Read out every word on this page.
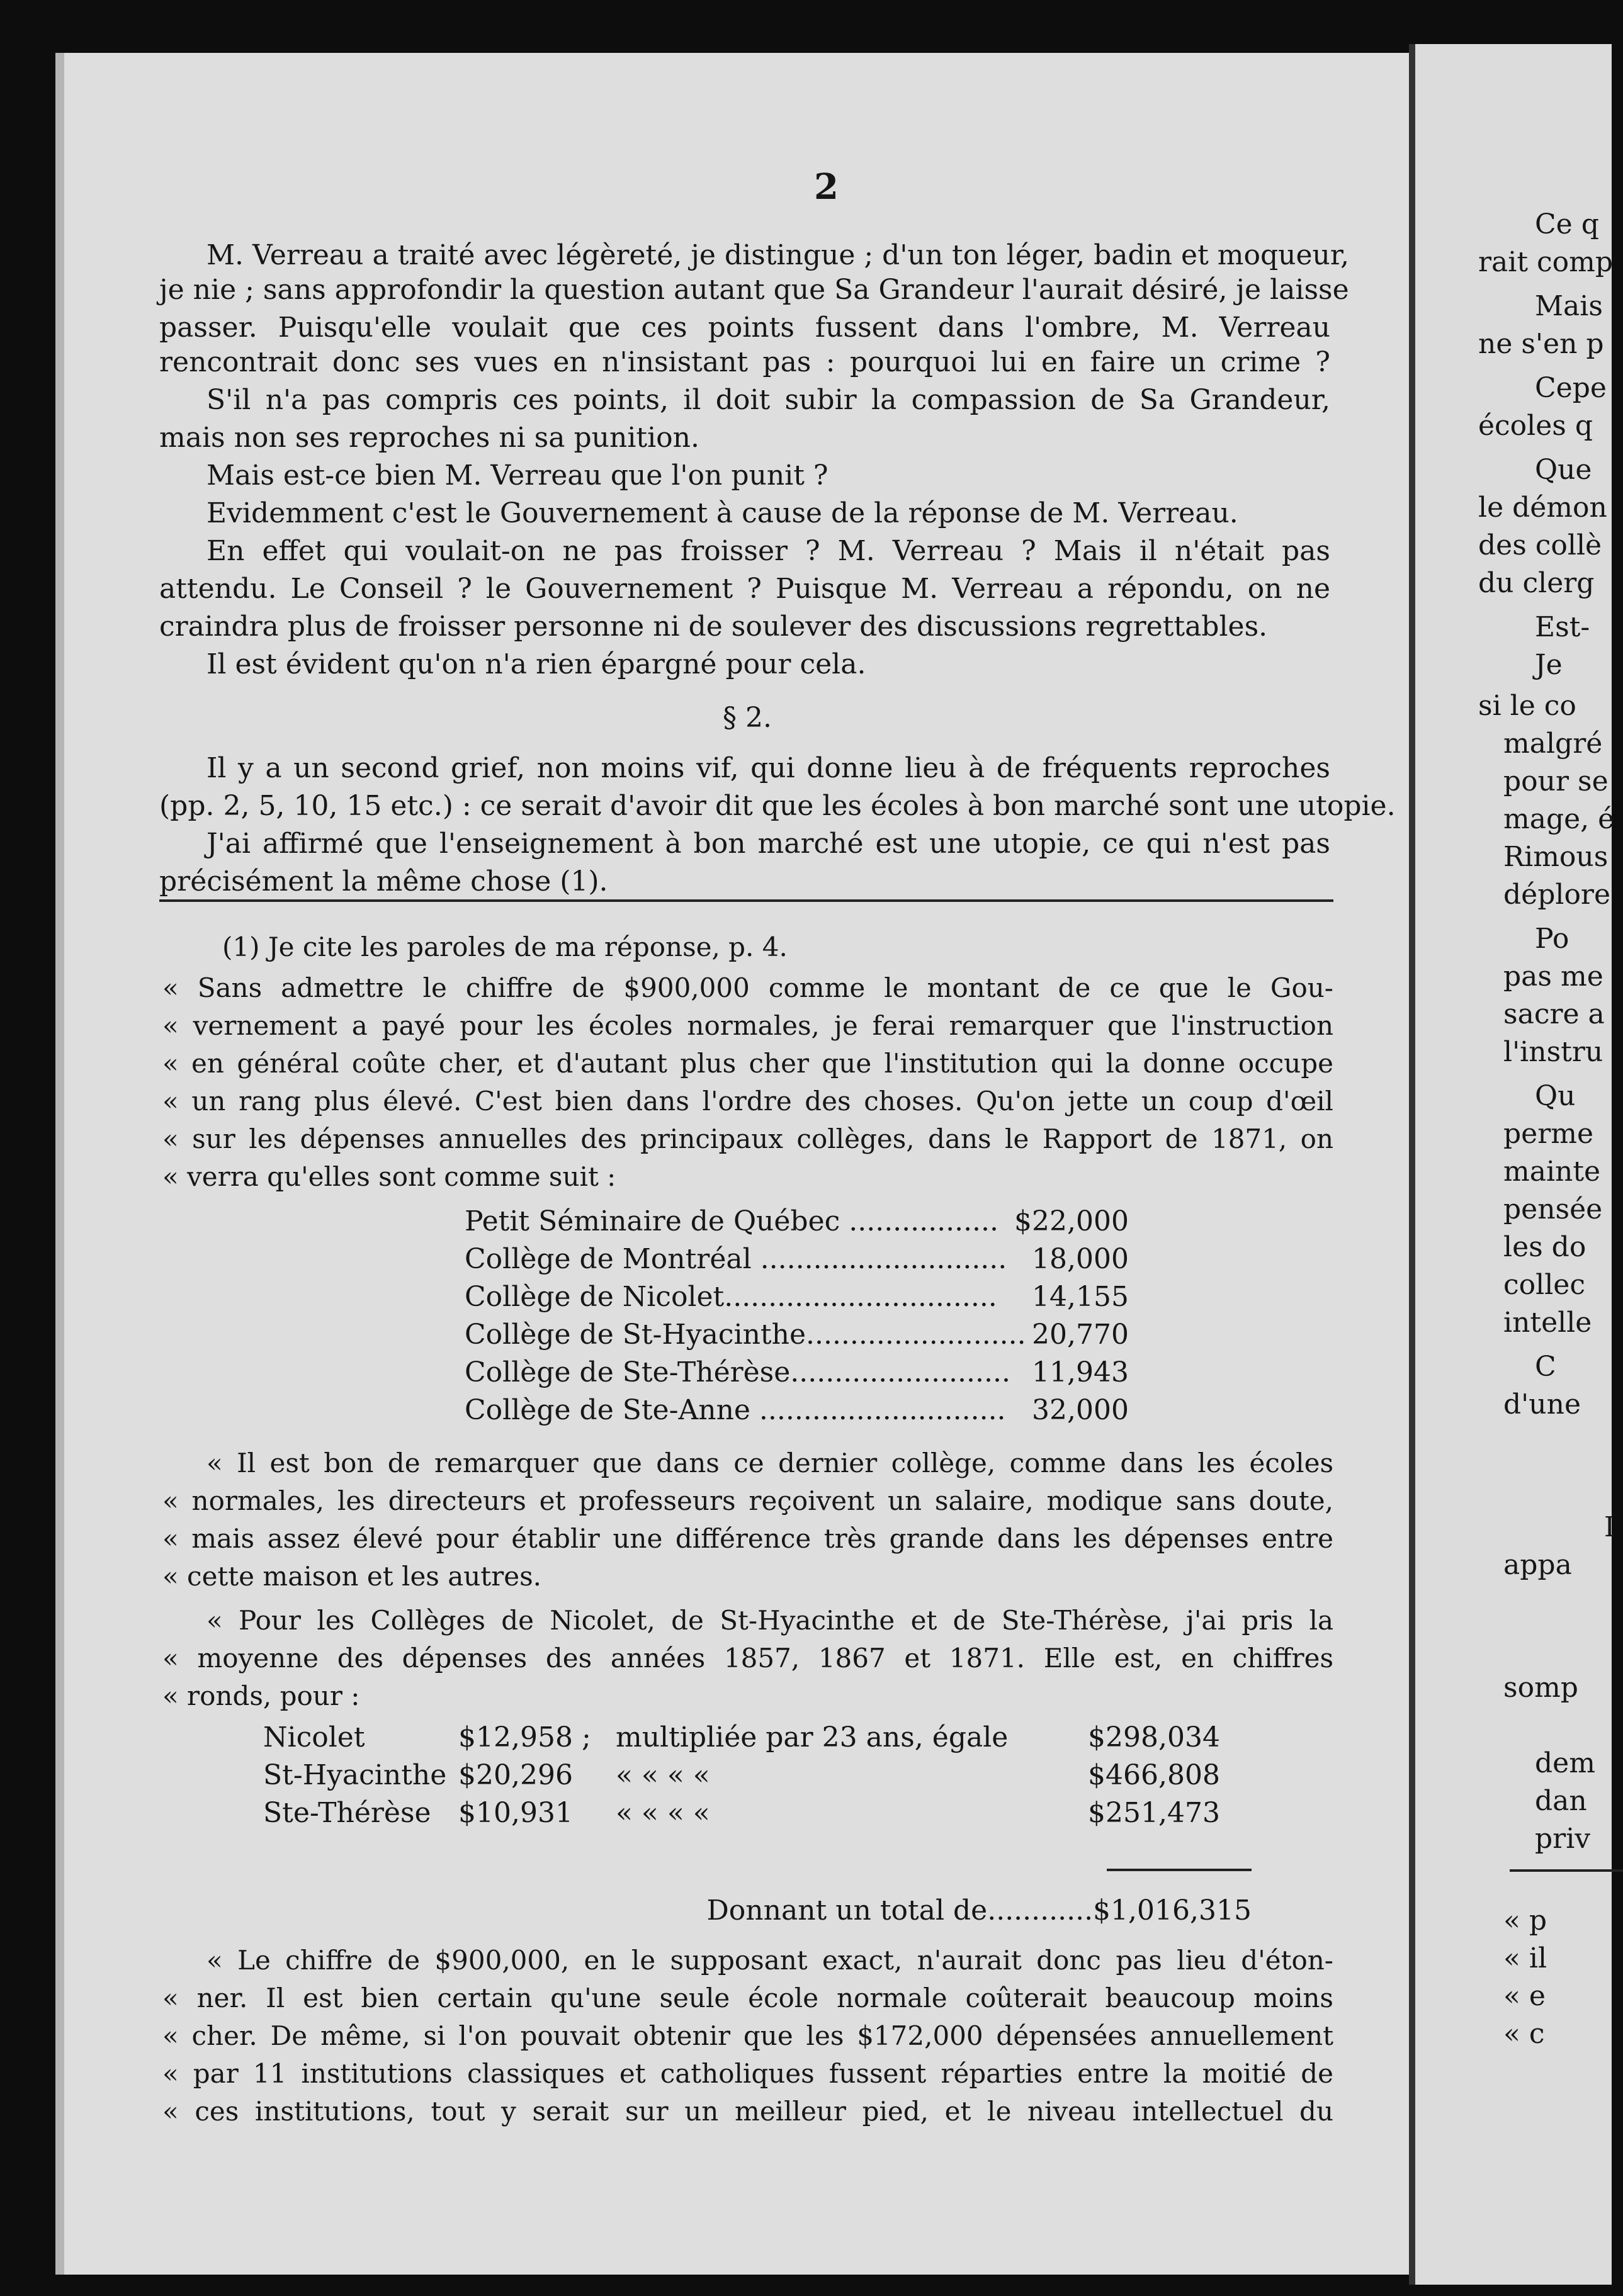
2
M. Verreau a traité avec légèreté, je distingue ; d'un ton léger, badin et moqueur,
je nie ; sans approfondir la question autant que Sa Grandeur l'aurait désiré, je laisse
passer. Puisqu'elle voulait que ces points fussent dans l'ombre, M. Verreau
rencontrait donc ses vues en n'insistant pas : pourquoi lui en faire un crime ?
S'il n'a pas compris ces points, il doit subir la compassion de Sa Grandeur,
mais non ses reproches ni sa punition.
Mais est-ce bien M. Verreau que l'on punit ?
Evidemment c'est le Gouvernement à cause de la réponse de M. Verreau.
En effet qui voulait-on ne pas froisser ? M. Verreau ? Mais il n'était pas
attendu. Le Conseil ? le Gouvernement ? Puisque M. Verreau a répondu, on ne
craindra plus de froisser personne ni de soulever des discussions regrettables.
Il est évident qu'on n'a rien épargné pour cela.
§ 2.
Il y a un second grief, non moins vif, qui donne lieu à de fréquents reproches
(pp. 2, 5, 10, 15 etc.) : ce serait d'avoir dit que les écoles à bon marché sont une utopie.
J'ai affirmé que l'enseignement à bon marché est une utopie, ce qui n'est pas
précisément la même chose (1).
(1) Je cite les paroles de ma réponse, p. 4.
« Sans admettre le chiffre de $900,000 comme le montant de ce que le Gou-
« vernement a payé pour les écoles normales, je ferai remarquer que l'instruction
« en général coûte cher, et d'autant plus cher que l'institution qui la donne occupe
« un rang plus élevé. C'est bien dans l'ordre des choses. Qu'on jette un coup d'œil
« sur les dépenses annuelles des principaux collèges, dans le Rapport de 1871, on
« verra qu'elles sont comme suit :
Petit Séminaire de Québec ................. $22,000
Collège de Montréal ............................ 18,000
Collège de Nicolet...............................	14,155
Collège de St-Hyacinthe......................... 20,770
Collège de Ste-Thérèse......................... 11,943
Collège de Ste-Anne ............................ 32,000
« Il est bon de remarquer que dans ce dernier collège, comme dans les écoles
« normales, les directeurs et professeurs reçoivent un salaire, modique sans doute,
« mais assez élevé pour établir une différence très grande dans les dépenses entre
« cette maison et les autres.
« Pour les Collèges de Nicolet, de St-Hyacinthe et de Ste-Thérèse, j'ai pris la
« moyenne des dépenses des années 1857, 1867 et 1871. Elle est, en chiffres
« ronds, pour :
Nicolet	$12,958 ; multipliée par 23 ans, égale	$298,034
St-Hyacinthe $20,296 « « « «	$466,808
Ste-Thérèse $10,931 « « « «	$251,473
Donnant un total de............$1,016,315
« Le chiffre de $900,000, en le supposant exact, n'aurait donc pas lieu d'éton-
« ner. Il est bien certain qu'une seule école normale coûterait beaucoup moins
« cher. De même, si l'on pouvait obtenir que les $172,000 dépensées annuellement
« par 11 institutions classiques et catholiques fussent réparties entre la moitié de
« ces institutions, tout y serait sur un meilleur pied, et le niveau intellectuel du
Ce q
rait comp
Mais
ne s'en p
Cepe
écoles q
Que
le démon
des collè
du clerg
Est-
Je
si le co
malgré
pour se
mage, é
Rimous
déplore
Po
pas me
sacre a
l'instru
Qu
perme
mainte
pensée
les do
collec
intelle
C
d'une
I
appa
somp
dem
dan
priv
« p
« il
« e
« c
